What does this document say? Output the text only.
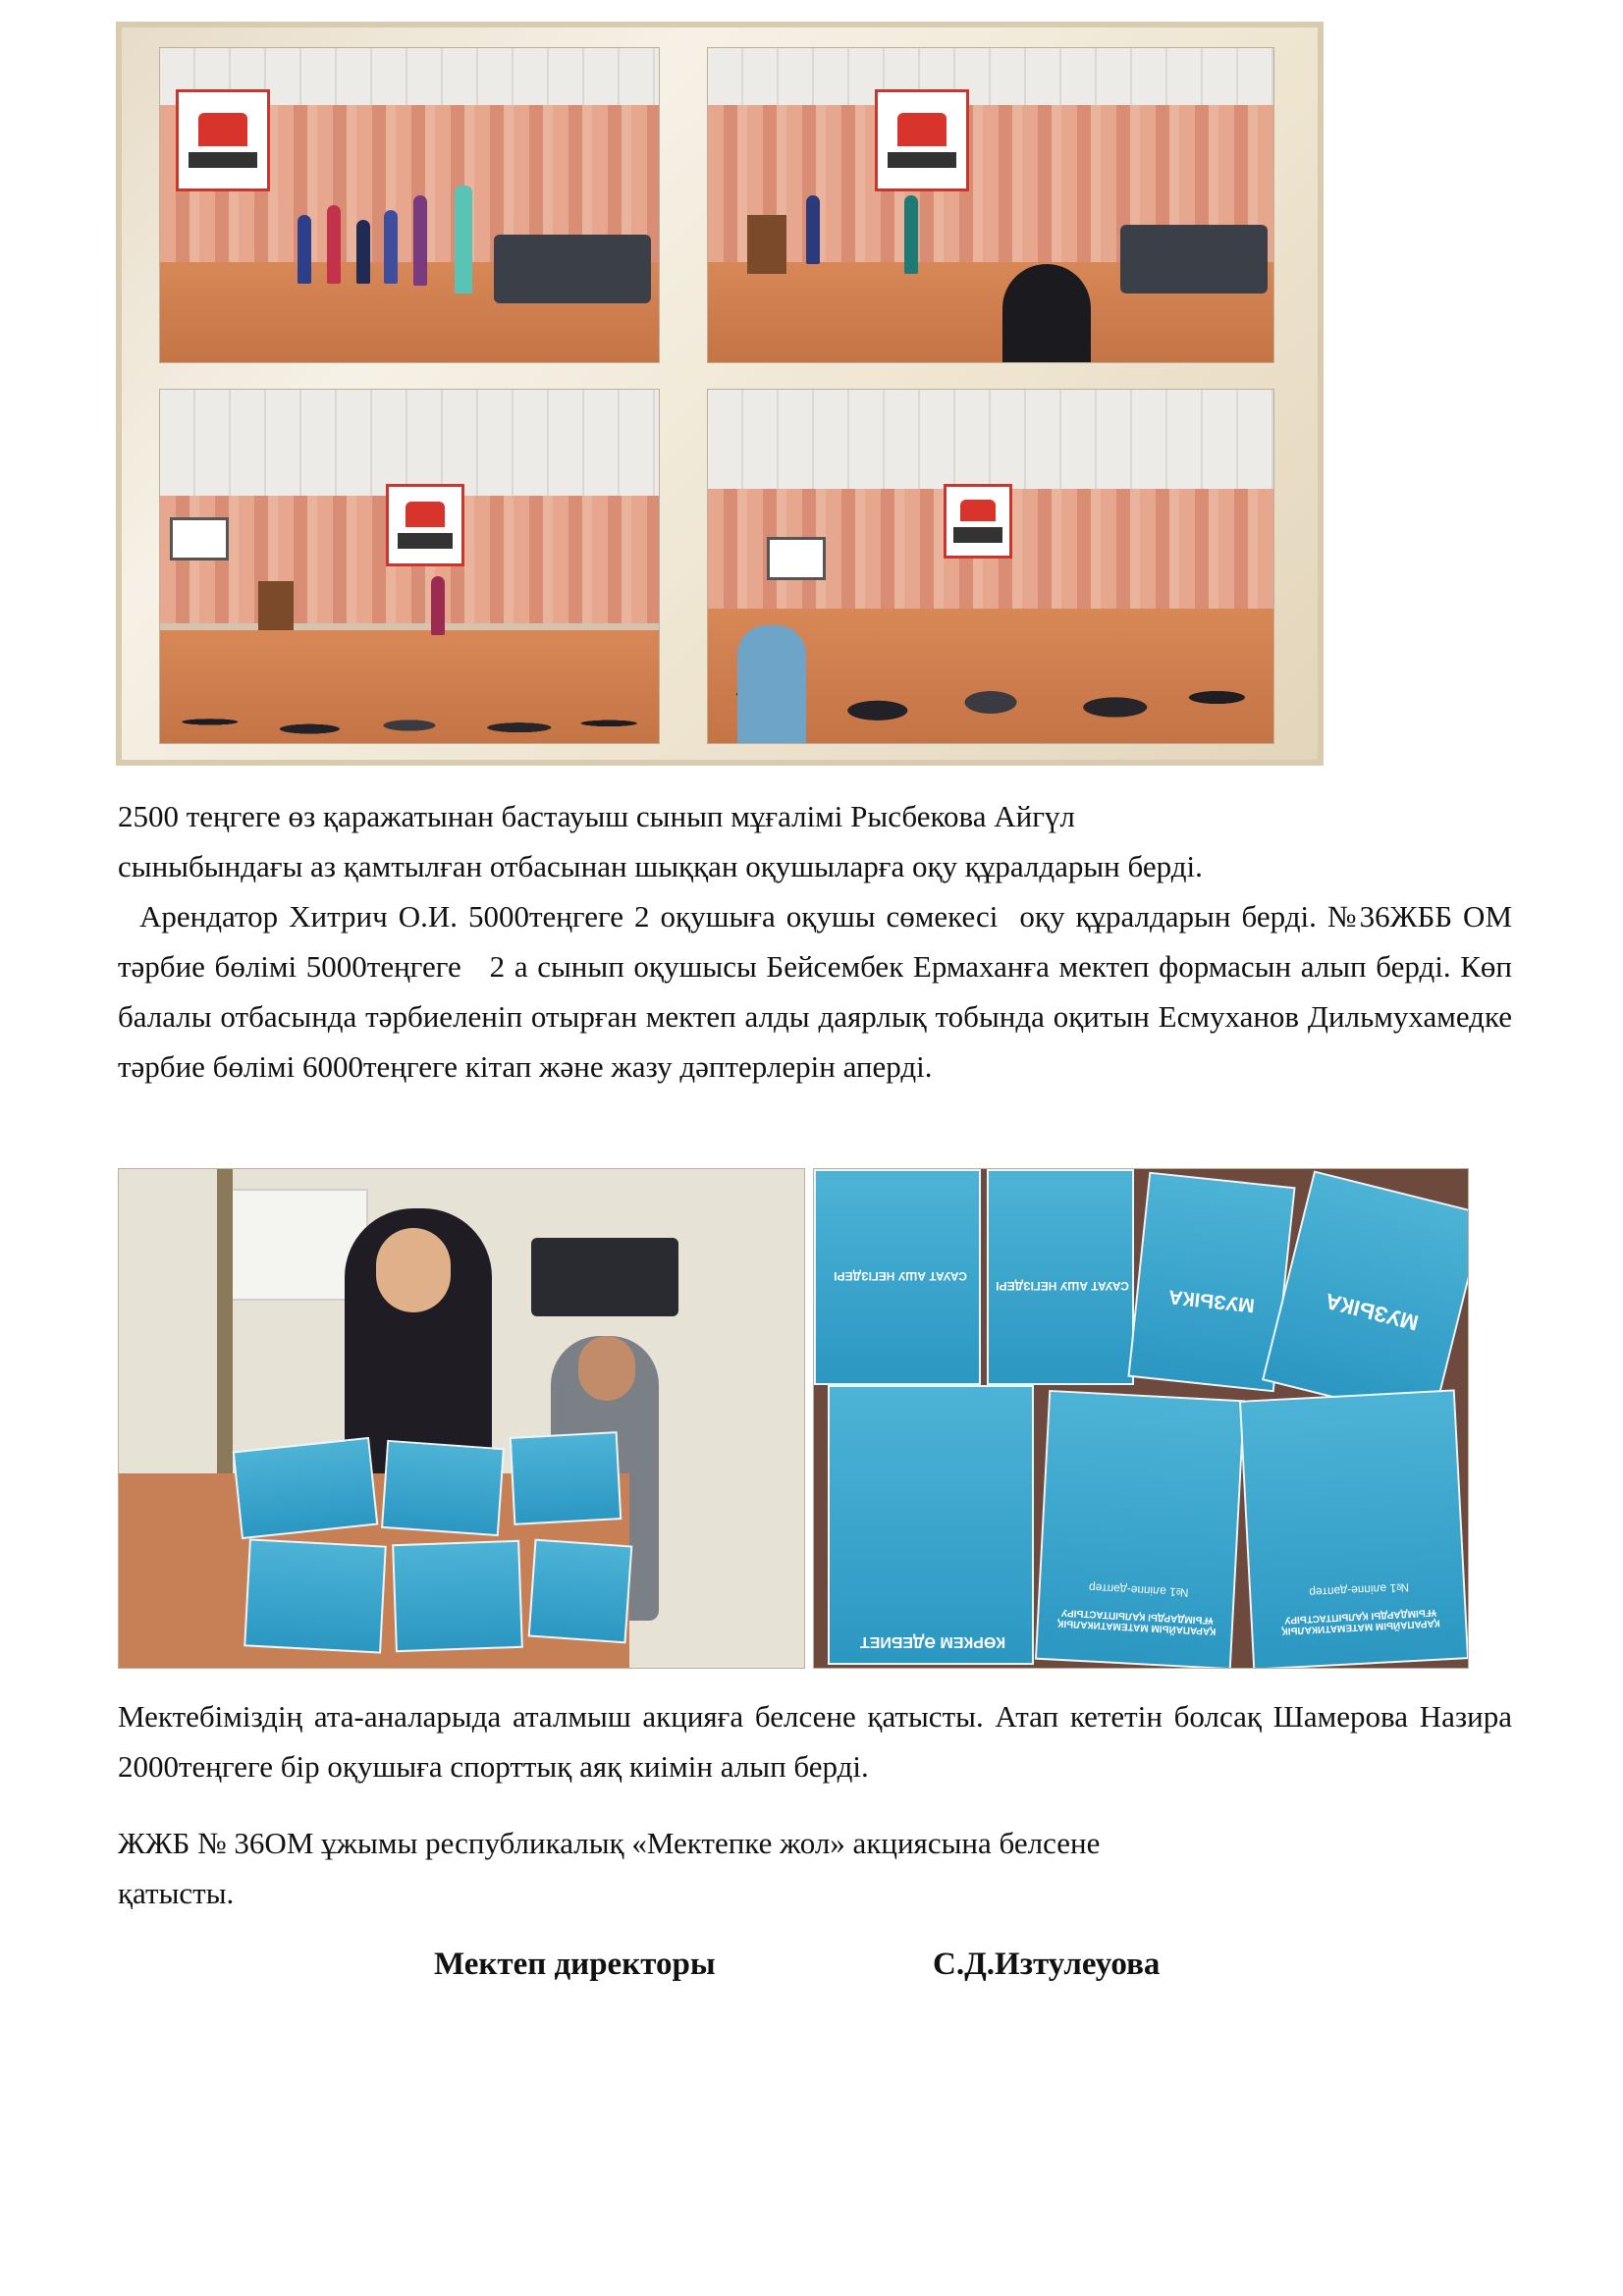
2500 теңгеге өз қаражатынан бастауыш сынып мұғалімі Рысбекова Айгүл

сыныбындағы аз қамтылған отбасынан шыққан оқушыларға оқу құралдарын берді.

Арендатор Хитрич О.И. 5000теңгеге 2 оқушыға оқушы сөмекесі  оқу құралдарын берді. №36ЖББ ОМ тәрбие бөлімі 5000теңгеге   2 а сынып оқушысы Бейсембек Ермаханға мектеп формасын алып берді. Көп балалы отбасында тәрбиеленіп отырған мектеп алды даярлық тобында оқитын Есмуханов Дильмухамедке тәрбие бөлімі 6000теңгеге кітап және жазу дәптерлерін аперді.

САУАТ АШУ НЕГІЗДЕРІ
САУАТ АШУ НЕГІЗДЕРІ	МУЗЫКА	МУЗЫКА
КӨРКЕМ ӘДЕБИЕТ
№1 әліппе-дәптер
ҚАРАПАЙЫМ МАТЕМАТИКАЛЫҚ ҰҒЫМДАРДЫ ҚАЛЫПТАСТЫРУ
№1 әліппе-дәптер
ҚАРАПАЙЫМ МАТЕМАТИКАЛЫҚ ҰҒЫМДАРДЫ ҚАЛЫПТАСТЫРУ

Мектебіміздің ата-аналарыда аталмыш акцияға белсене қатысты. Атап кететін болсақ Шамерова Назира 2000теңгеге бір оқушыға спорттық аяқ киімін алып берді.

ЖЖБ № 36ОМ ұжымы республикалық «Мектепке жол» акциясына белсене

қатысты.

Мектеп директоры	С.Д.Изтулеуова
